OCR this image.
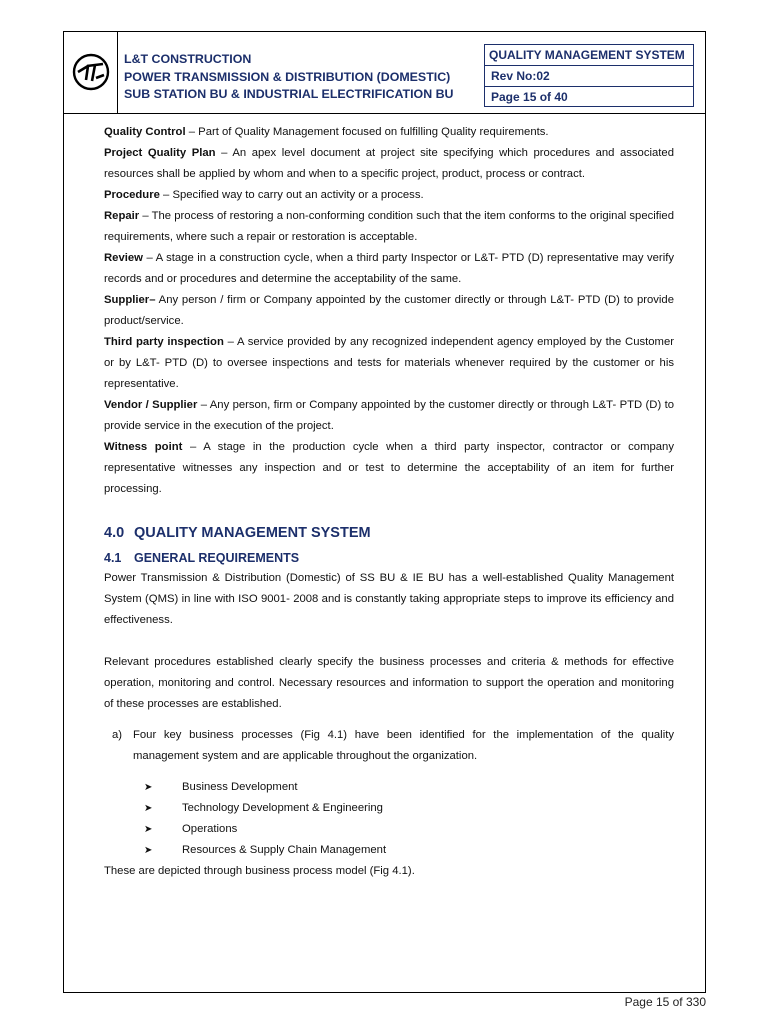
L&T CONSTRUCTION
POWER TRANSMISSION & DISTRIBUTION (DOMESTIC)
SUB STATION BU & INDUSTRIAL ELECTRIFICATION BU
QUALITY MANAGEMENT SYSTEM
Rev No:02
Page 15 of 40

Quality Control – Part of Quality Management focused on fulfilling Quality requirements.

Project Quality Plan – An apex level document at project site specifying which procedures and associated resources shall be applied by whom and when to a specific project, product, process or contract.

Procedure – Specified way to carry out an activity or a process.

Repair – The process of restoring a non-conforming condition such that the item conforms to the original specified requirements, where such a repair or restoration is acceptable.

Review – A stage in a construction cycle, when a third party Inspector or L&T- PTD (D) representative may verify records and or procedures and determine the acceptability of the same.

Supplier– Any person / firm or Company appointed by the customer directly or through L&T- PTD (D) to provide product/service.

Third party inspection – A service provided by any recognized independent agency employed by the Customer or by L&T- PTD (D) to oversee inspections and tests for materials whenever required by the customer or his representative.

Vendor / Supplier – Any person, firm or Company appointed by the customer directly or through L&T- PTD (D) to provide service in the execution of the project.

Witness point – A stage in the production cycle when a third party inspector, contractor or company representative witnesses any inspection and or test to determine the acceptability of an item for further processing.

4.0 QUALITY MANAGEMENT SYSTEM
4.1 GENERAL REQUIREMENTS

Power Transmission & Distribution (Domestic) of SS BU & IE BU has a well-established Quality Management System (QMS) in line with ISO 9001- 2008 and is constantly taking appropriate steps to improve its efficiency and effectiveness.

Relevant procedures established clearly specify the business processes and criteria & methods for effective operation, monitoring and control. Necessary resources and information to support the operation and monitoring of these processes are established.

a) Four key business processes (Fig 4.1) have been identified for the implementation of the quality management system and are applicable throughout the organization.
➤	Business Development
➤	Technology Development & Engineering
➤	Operations
➤	Resources & Supply Chain Management

These are depicted through business process model (Fig 4.1).

Page 15 of 330
